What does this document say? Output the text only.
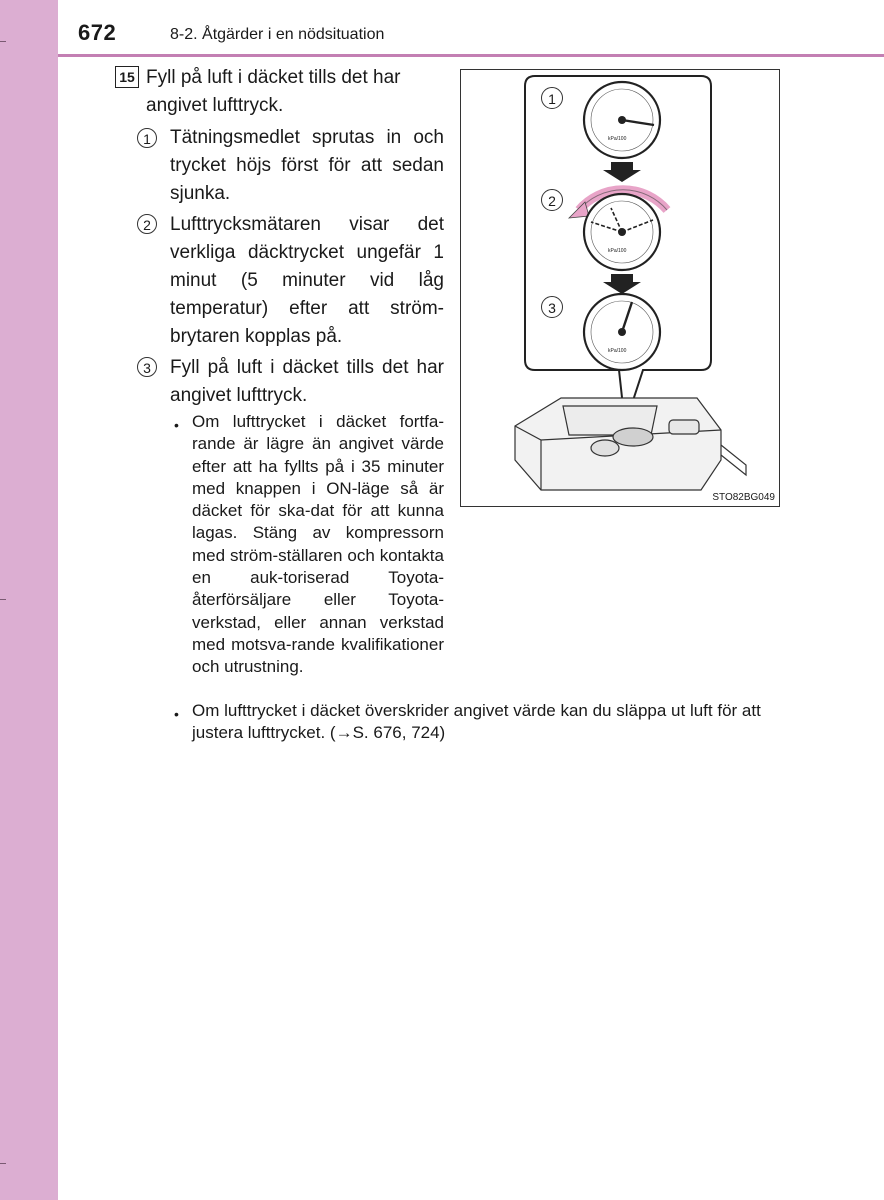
672	8-2. Åtgärder i en nödsituation
15 Fyll på luft i däcket tills det har angivet lufttryck.

1	Tätningsmedlet sprutas in och trycket höjs först för att sedan sjunka.

2	Lufttrycksmätaren visar det verkliga däcktrycket ungefär 1 minut (5 minuter vid låg temperatur) efter att ström-brytaren kopplas på.

3	Fyll på luft i däcket tills det har angivet lufttryck.

• Om lufttrycket i däcket fortfa-rande är lägre än angivet värde efter att ha fyllts på i 35 minuter med knappen i ON-läge så är däcket för ska-dat för att kunna lagas. Stäng av kompressorn med ström-ställaren och kontakta en auk-toriserad Toyota-återförsäljare eller Toyota-verkstad, eller annan verkstad med motsva-rande kvalifikationer och utrustning.

• Om lufttrycket i däcket överskrider angivet värde kan du släppa ut luft för att justera lufttrycket. (→S. 676, 724)

kPa/100
kPa/100
kPa/100
1
2
3
STO82BG049
